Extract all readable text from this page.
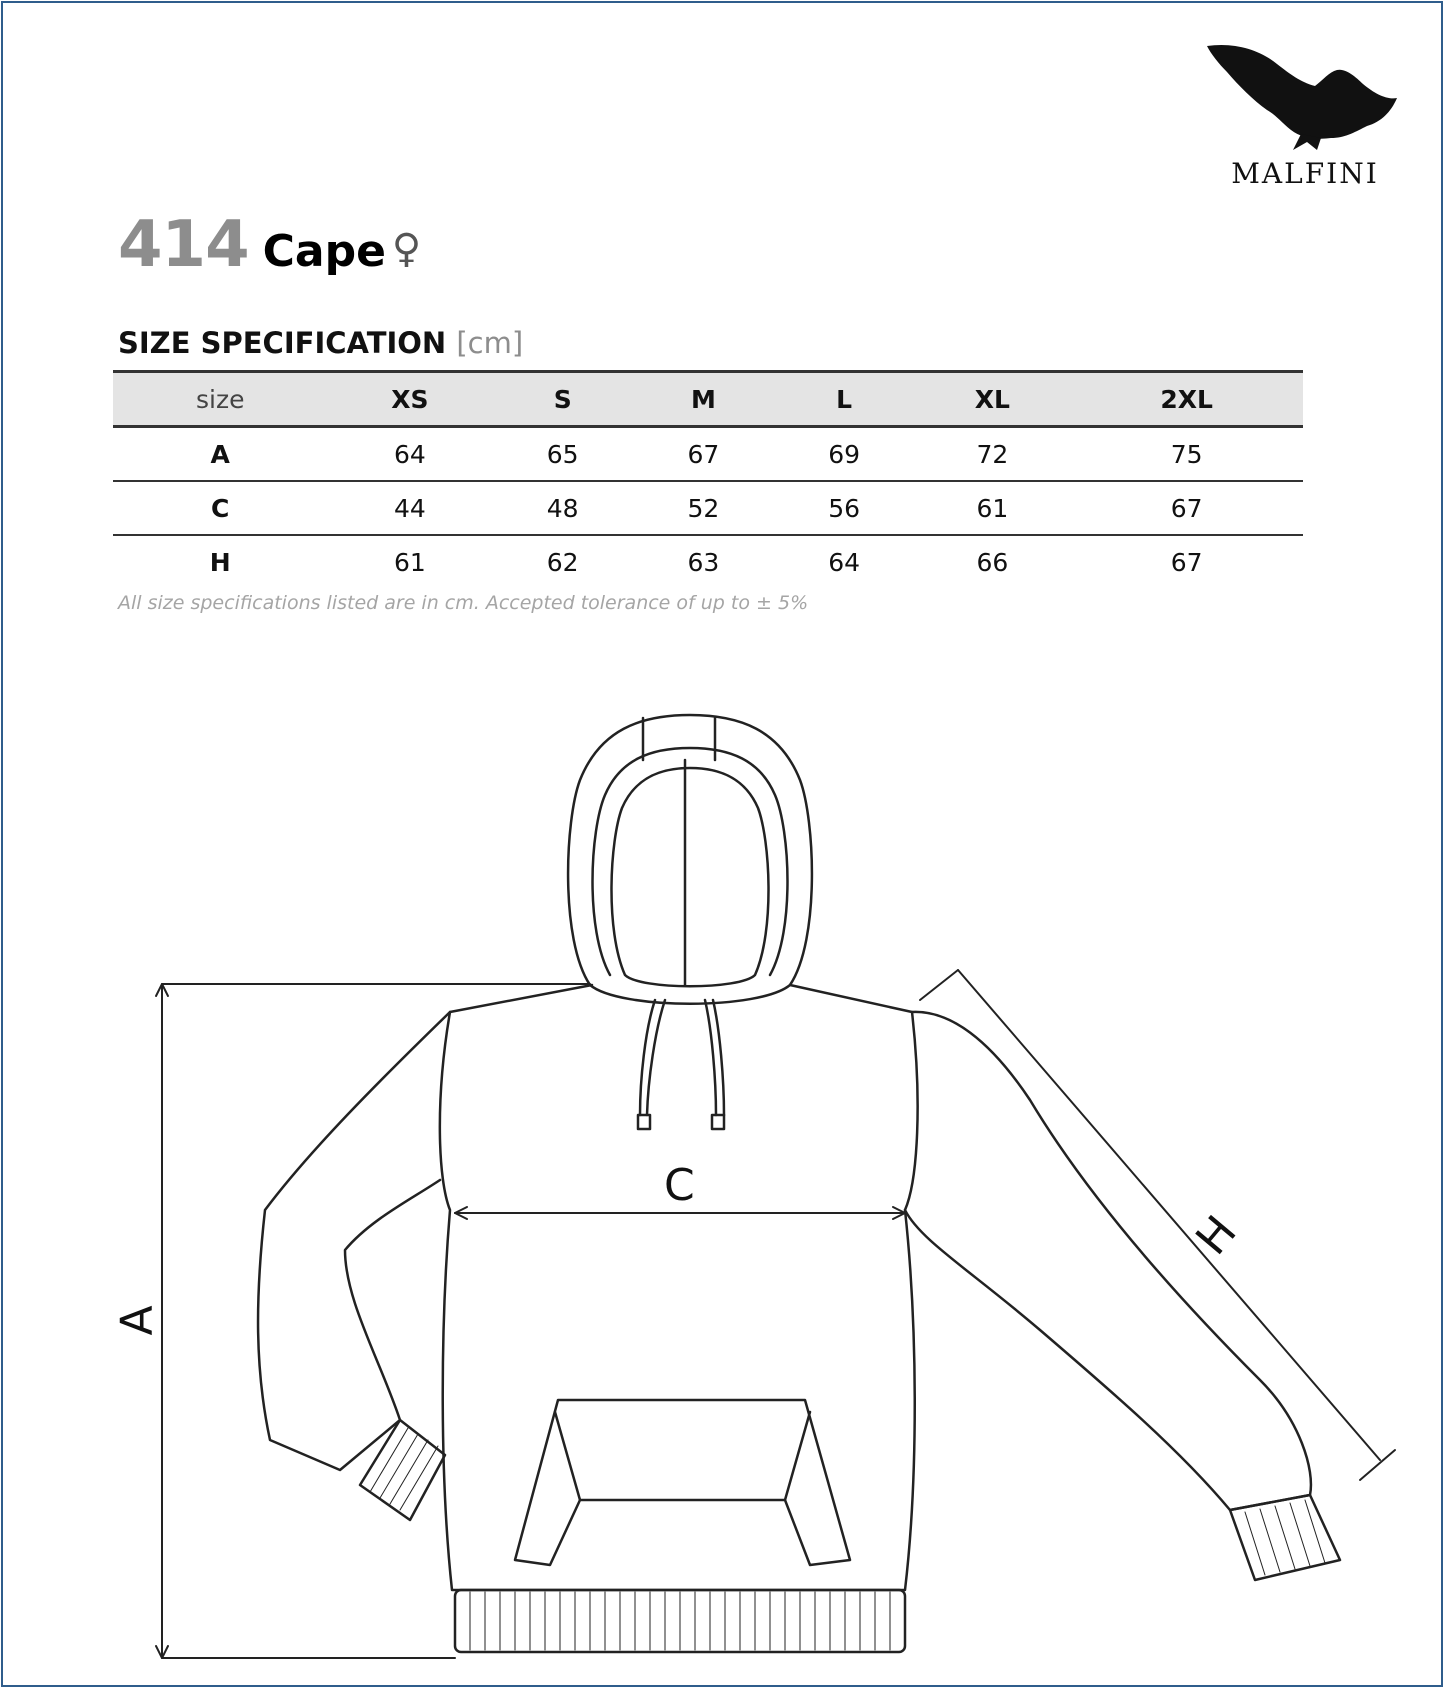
MALFINI
414 Cape ♀
SIZE SPECIFICATION [cm]
size	XS	S	M	L	XL	2XL
A	64	65	67	69	72	75
C	44	48	52	56	61	67
H	61	62	63	64	66	67
All size specifications listed are in cm. Accepted tolerance of up to ± 5%
A
C
H
